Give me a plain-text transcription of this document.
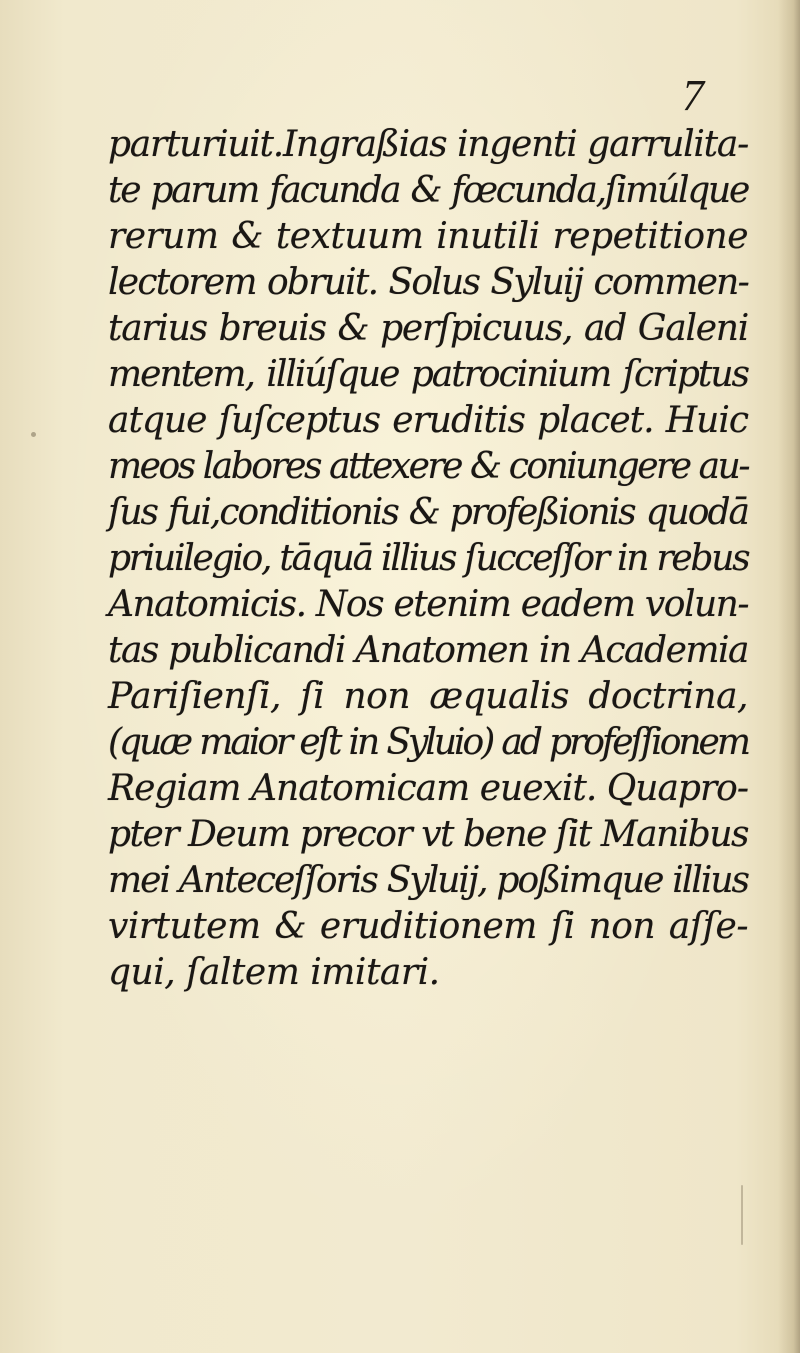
7
parturiuit.Ingraßias ingenti garrulita-
te parum facunda & fœcunda,ſimúlque
rerum & textuum inutili repetitione
lectorem obruit. Solus Syluij commen-
tarius breuis & perſpicuus, ad Galeni
mentem, illiúſque patrocinium ſcriptus
atque ſuſceptus eruditis placet. Huic
meos labores attexere & coniungere au-
ſus fui,conditionis & profeßionis quodā
priuilegio, tāquā illius ſucceſſor in rebus
Anatomicis. Nos etenim eadem volun-
tas publicandi Anatomen in Academia
Pariſienſi, ſi non æqualis doctrina,
(quæ maior eſt in Syluio) ad profeſſionem
Regiam Anatomicam euexit. Quapro-
pter Deum precor vt bene ſit Manibus
mei Anteceſſoris Syluij, poßimque illius
virtutem & eruditionem ſi non aſſe-
qui, ſaltem imitari.
